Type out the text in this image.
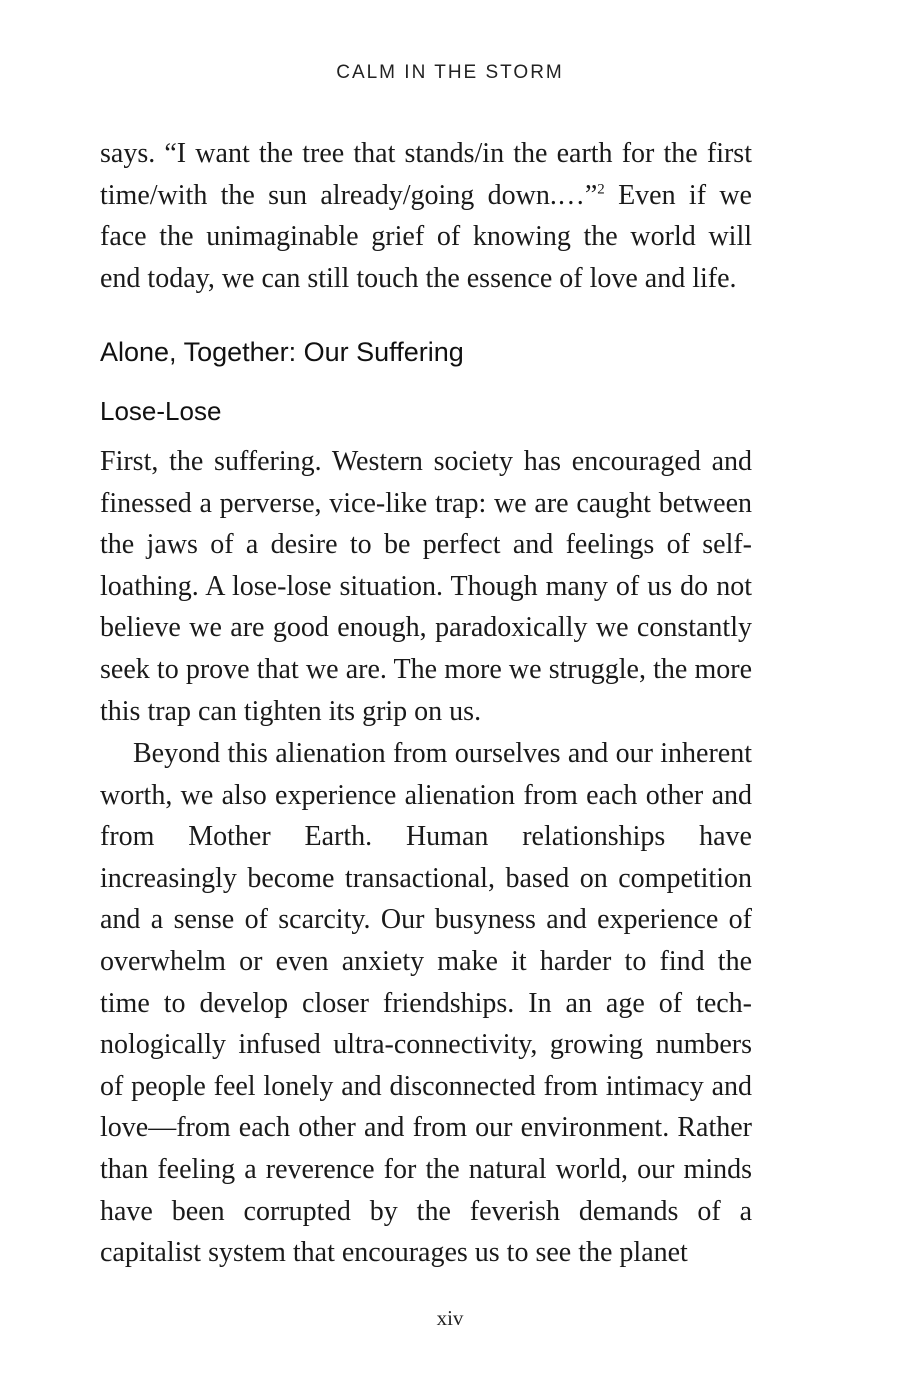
CALM IN THE STORM

says. “I want the tree that stands/in the earth for the first time/with the sun already/going down.…”$^2$ Even if we face the unimaginable grief of knowing the world will end today, we can still touch the essence of love and life.

Alone, Together: Our Suffering
Lose-Lose

First, the suffering. Western society has encouraged and finessed a perverse, vice-like trap: we are caught between the jaws of a desire to be perfect and feelings of self-loathing. A lose-lose situation. Though many of us do not believe we are good enough, paradoxically we constantly seek to prove that we are. The more we struggle, the more this trap can tighten its grip on us.

Beyond this alienation from ourselves and our inherent worth, we also experience alienation from each other and from Mother Earth. Human relationships have increasingly become transactional, based on competition and a sense of scarcity. Our busyness and experience of overwhelm or even anxiety make it harder to find the time to develop closer friendships. In an age of technologically infused ultra-connectivity, growing numbers of people feel lonely and disconnected from intimacy and love—from each other and from our environment. Rather than feeling a reverence for the natural world, our minds have been corrupted by the feverish demands of a capitalist system that encourages us to see the planet

xiv
